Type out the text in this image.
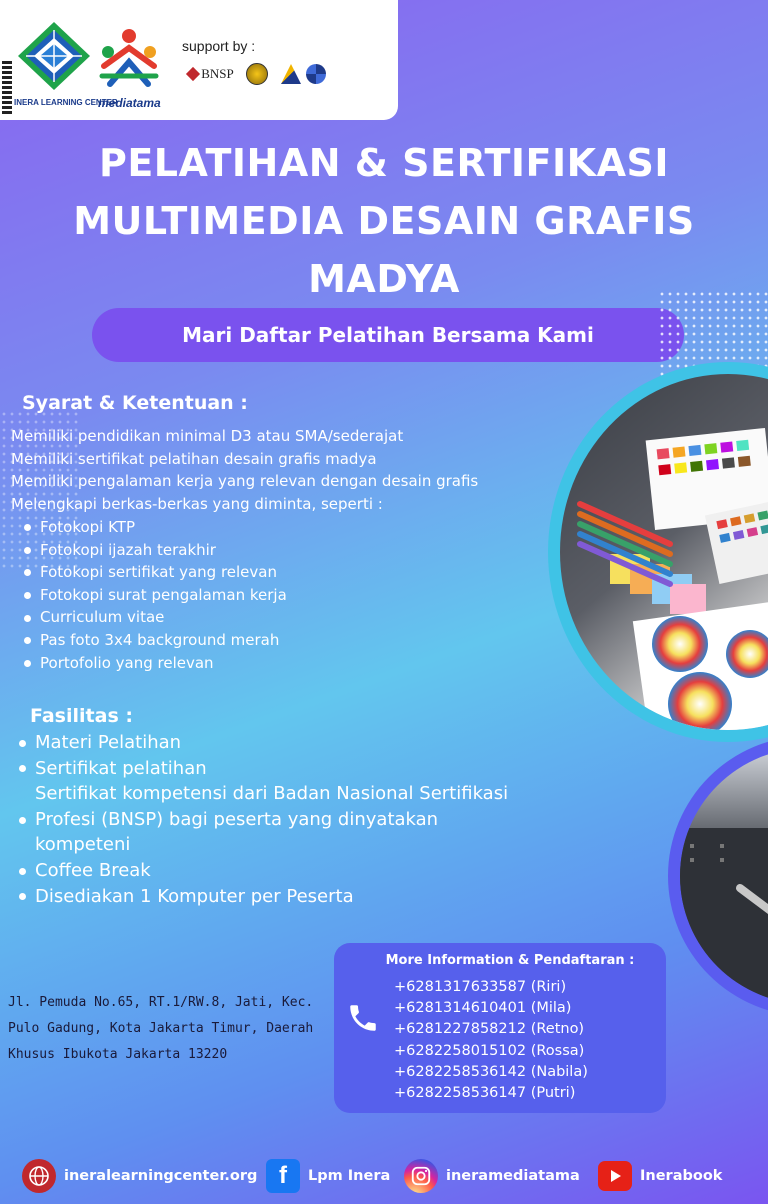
INERA LEARNING CENTER
mediatama
support by :
BNSP
PELATIHAN & SERTIFIKASI
MULTIMEDIA DESAIN GRAFIS
MADYA
Mari Daftar Pelatihan Bersama Kami
Syarat & Ketentuan :
Memiliki pendidikan minimal D3 atau SMA/sederajat
Memiliki sertifikat pelatihan desain grafis madya
Memiliki pengalaman kerja yang relevan dengan desain grafis
Melengkapi berkas-berkas yang diminta, seperti :
Fotokopi KTP
Fotokopi ijazah terakhir
Fotokopi sertifikat yang relevan
Fotokopi surat pengalaman kerja
Curriculum vitae
Pas foto 3x4 background merah
Portofolio yang relevan
Fasilitas :
Materi Pelatihan
Sertifikat pelatihan
Sertifikat kompetensi dari Badan Nasional Sertifikasi Profesi (BNSP) bagi peserta yang dinyatakan kompeteni
Coffee Break
Disediakan 1 Komputer per Peserta
Jl. Pemuda No.65, RT.1/RW.8, Jati, Kec. Pulo Gadung, Kota Jakarta Timur, Daerah Khusus Ibukota Jakarta 13220
More Information & Pendaftaran :
+6281317633587 (Riri)
+6281314610401 (Mila)
+6281227858212 (Retno)
+6282258015102 (Rossa)
+6282258536142 (Nabila)
+6282258536147 (Putri)
ineralearningcenter.org f Lpm Inera	ineramediatama	Inerabook
